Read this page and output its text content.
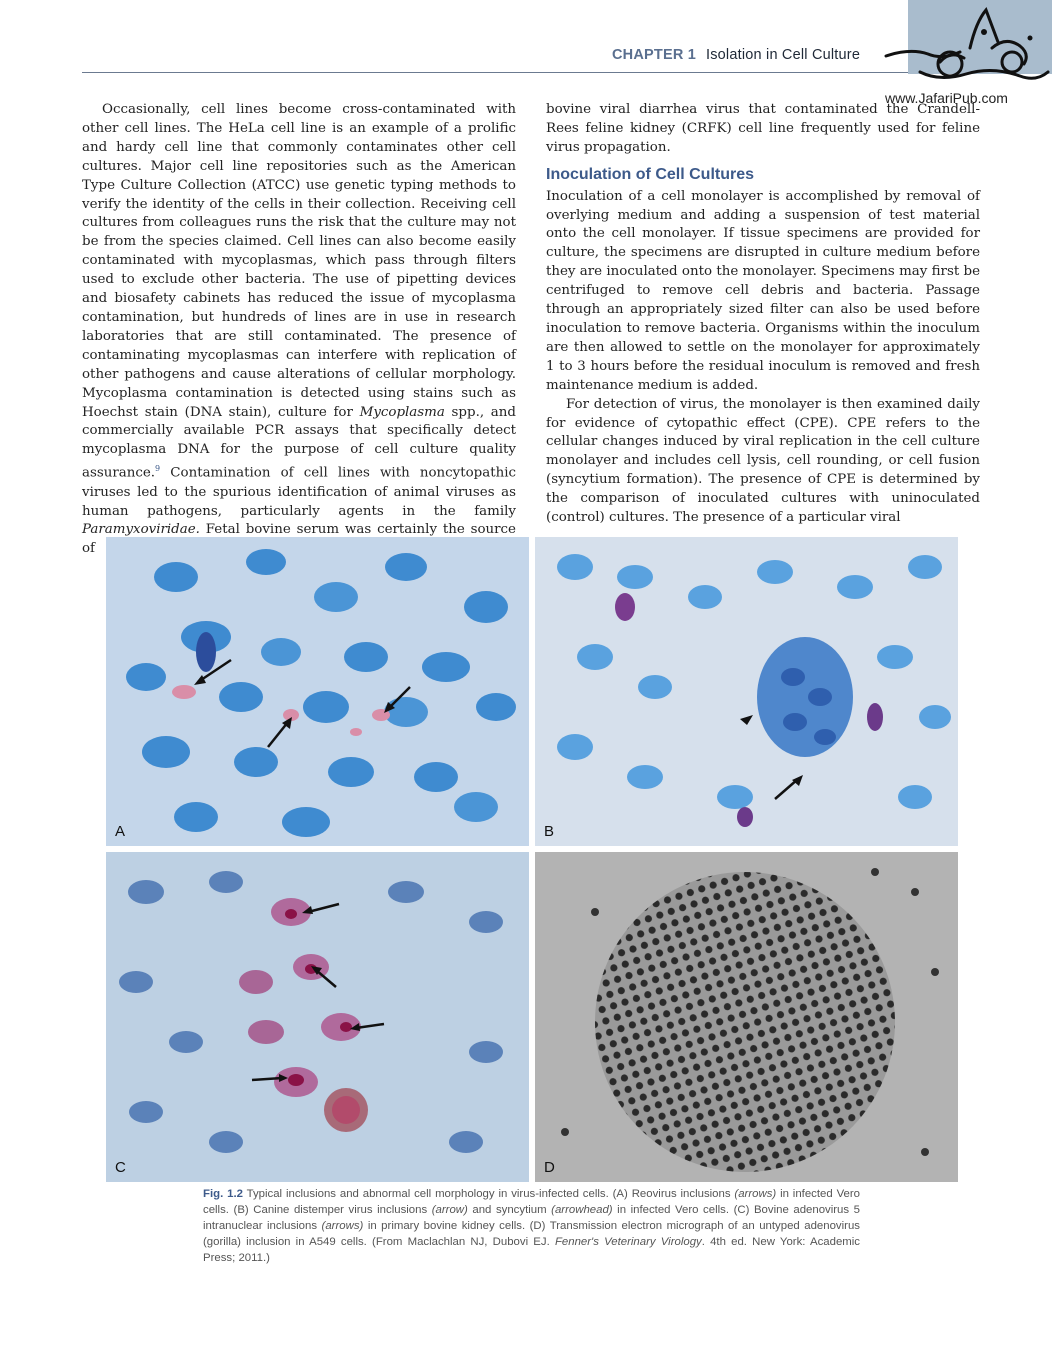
CHAPTER 1 Isolation in Cell Culture
www.JafariPub.com

Occasionally, cell lines become cross-contaminated with other cell lines. The HeLa cell line is an example of a prolific and hardy cell line that commonly contaminates other cell cultures. Major cell line repositories such as the American Type Culture Collection (ATCC) use genetic typing methods to verify the identity of the cells in their collection. Receiving cell cultures from colleagues runs the risk that the culture may not be from the species claimed. Cell lines can also become easily contaminated with mycoplasmas, which pass through filters used to exclude other bacteria. The use of pipetting devices and biosafety cabinets has reduced the issue of mycoplasma contamination, but hundreds of lines are in use in research laboratories that are still contaminated. The presence of contaminating mycoplasmas can interfere with replication of other pathogens and cause alterations of cellular morphology. Mycoplasma contamination is detected using stains such as Hoechst stain (DNA stain), culture for Mycoplasma spp., and commercially available PCR assays that specifically detect mycoplasma DNA for the purpose of cell culture quality assurance.$^9$ Contamination of cell lines with noncytopathic viruses led to the spurious identification of animal viruses as human pathogens, particularly agents in the family Paramyxoviridae. Fetal bovine serum was certainly the source of

bovine viral diarrhea virus that contaminated the Crandell-Rees feline kidney (CRFK) cell line frequently used for feline virus propagation.

Inoculation of Cell Cultures

Inoculation of a cell monolayer is accomplished by removal of overlying medium and adding a suspension of test material onto the cell monolayer. If tissue specimens are provided for culture, the specimens are disrupted in culture medium before they are inoculated onto the monolayer. Specimens may first be centrifuged to remove cell debris and bacteria. Passage through an appropriately sized filter can also be used before inoculation to remove bacteria. Organisms within the inoculum are then allowed to settle on the monolayer for approximately 1 to 3 hours before the residual inoculum is removed and fresh maintenance medium is added.

For detection of virus, the monolayer is then examined daily for evidence of cytopathic effect (CPE). CPE refers to the cellular changes induced by viral replication in the cell culture monolayer and includes cell lysis, cell rounding, or cell fusion (syncytium formation). The presence of CPE is determined by the comparison of inoculated cultures with uninoculated (control) cultures. The presence of a particular viral

A	B
C	D
Fig. 1.2 Typical inclusions and abnormal cell morphology in virus-infected cells. (A) Reovirus inclusions (arrows) in infected Vero cells. (B) Canine distemper virus inclusions (arrow) and syncytium (arrowhead) in infected Vero cells. (C) Bovine adenovirus 5 intranuclear inclusions (arrows) in primary bovine kidney cells. (D) Transmission electron micrograph of an untyped adenovirus (gorilla) inclusion in A549 cells. (From Maclachlan NJ, Dubovi EJ. Fenner's Veterinary Virology. 4th ed. New York: Academic Press; 2011.)
